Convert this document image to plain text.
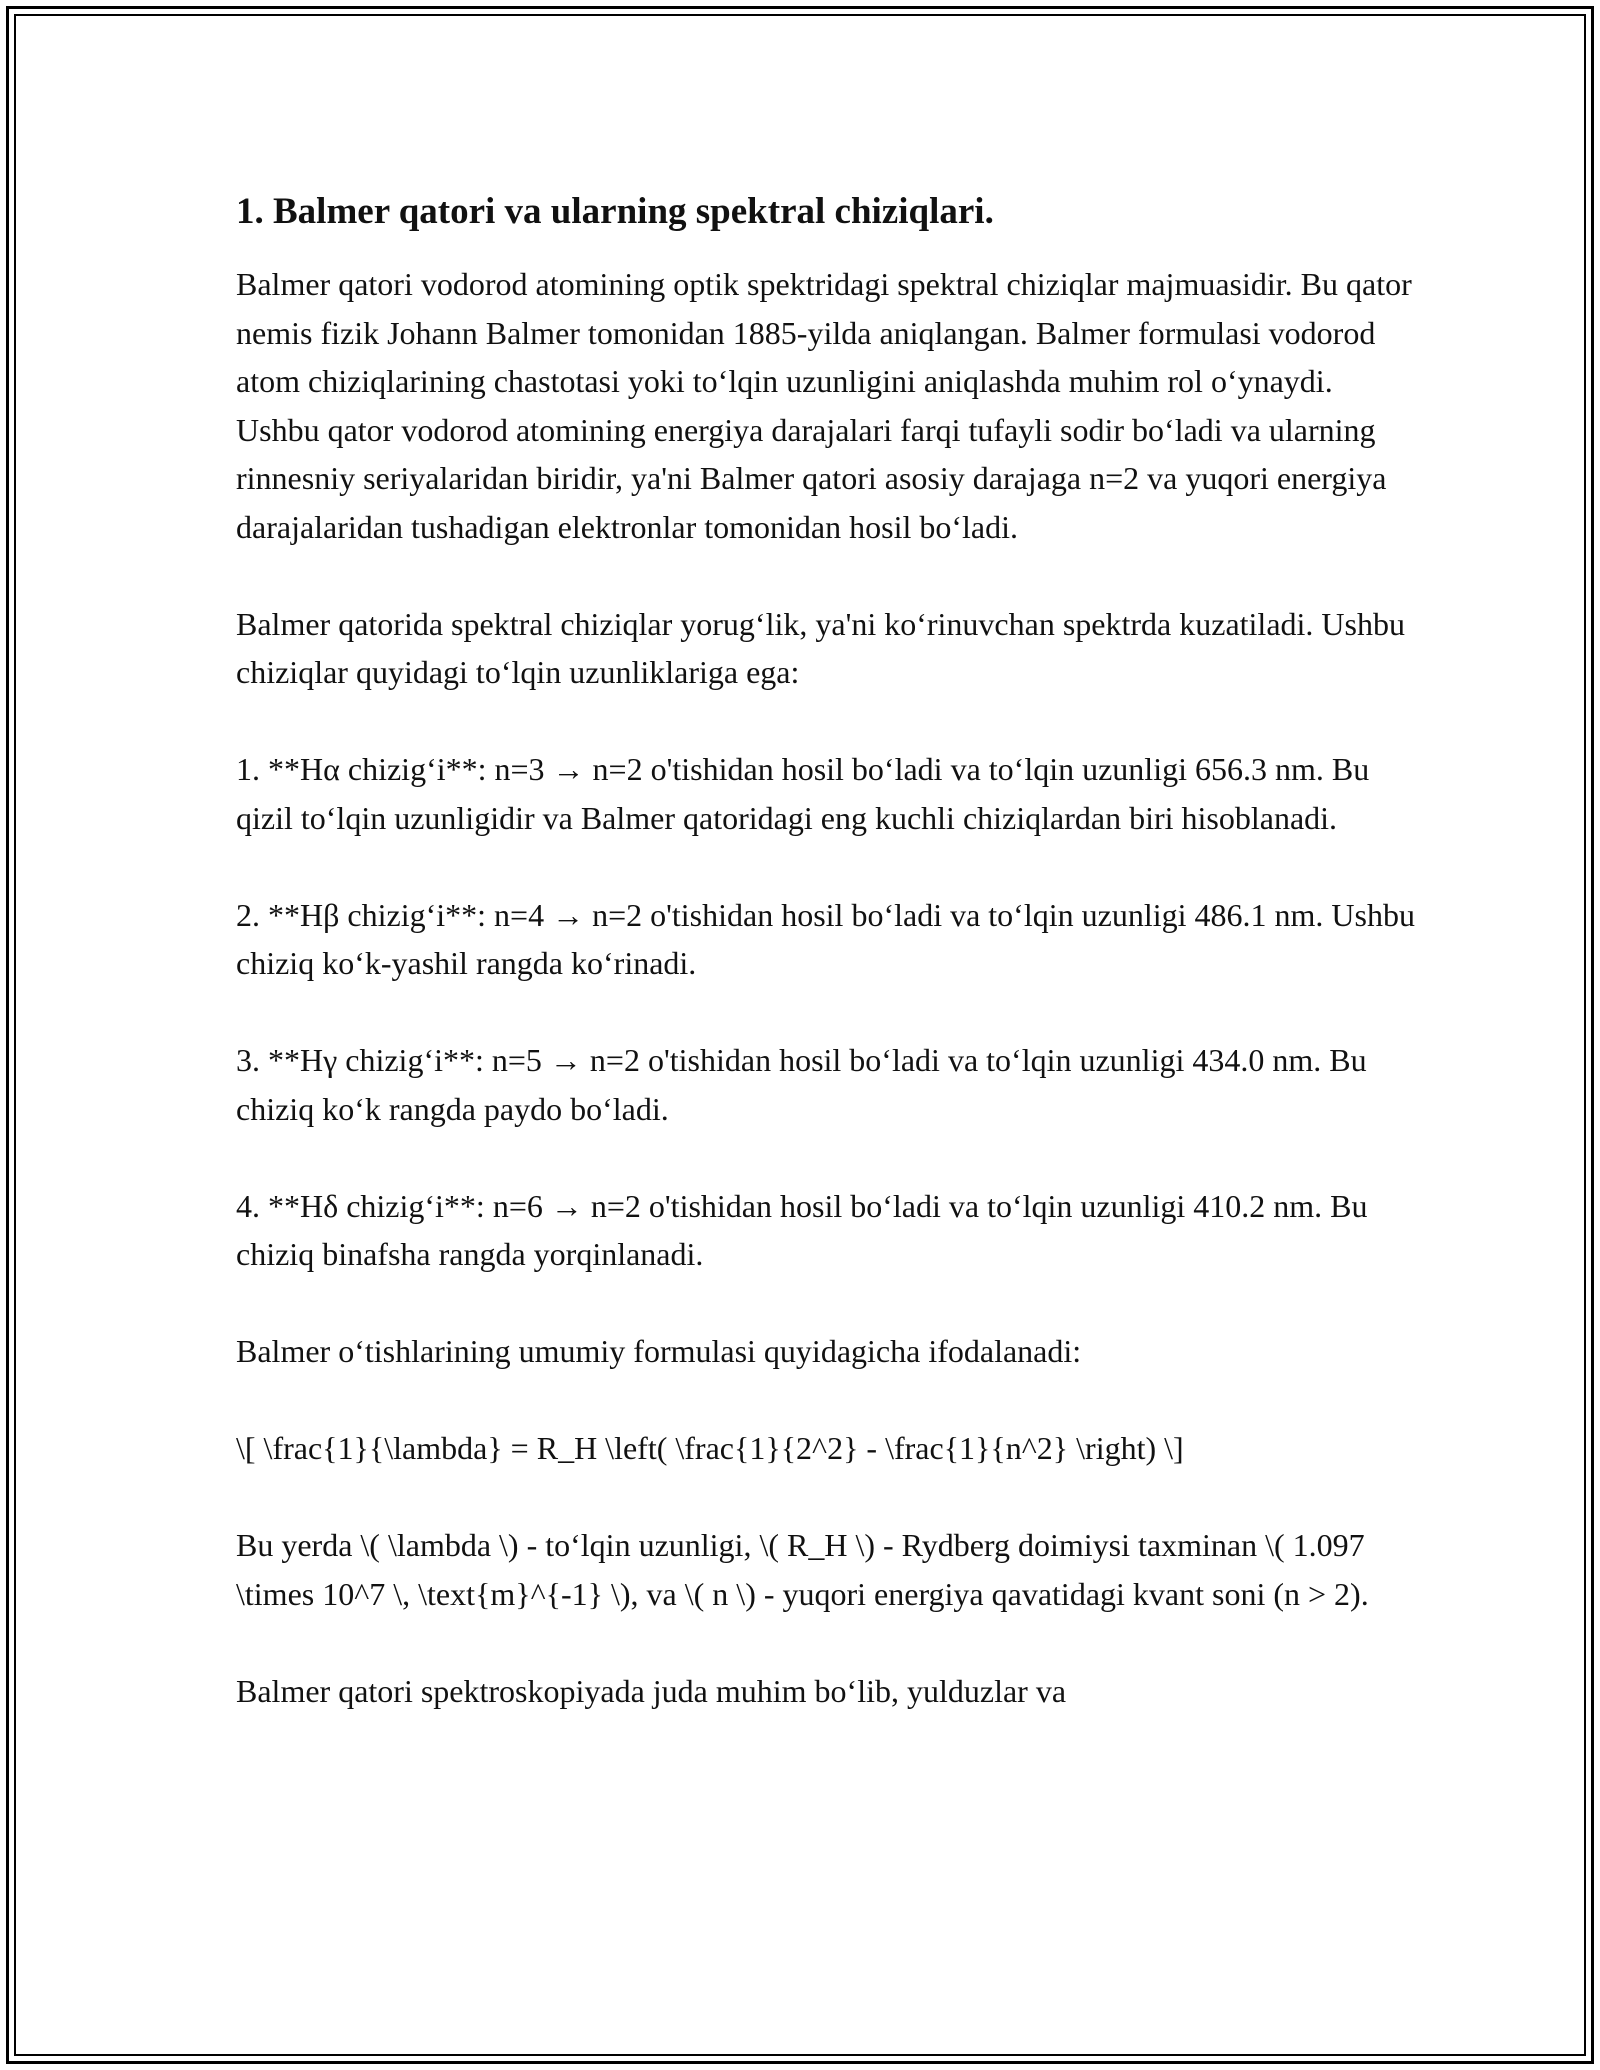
1. Balmer qatori va ularning spektral chiziqlari.

Balmer qatori vodorod atomining optik spektridagi spektral chiziqlar majmuasidir. Bu qator nemis fizik Johann Balmer tomonidan 1885-yilda aniqlangan. Balmer formulasi vodorod atom chiziqlarining chastotasi yoki to‘lqin uzunligini aniqlashda muhim rol o‘ynaydi. Ushbu qator vodorod atomining energiya darajalari farqi tufayli sodir bo‘ladi va ularning rinnesniy seriyalaridan biridir, ya'ni Balmer qatori asosiy darajaga n=2 va yuqori energiya darajalaridan tushadigan elektronlar tomonidan hosil bo‘ladi.

Balmer qatorida spektral chiziqlar yorug‘lik, ya'ni ko‘rinuvchan spektrda kuzatiladi. Ushbu chiziqlar quyidagi to‘lqin uzunliklariga ega:

1. **Hα chizig‘i**: n=3 → n=2 o'tishidan hosil bo‘ladi va to‘lqin uzunligi 656.3 nm. Bu qizil to‘lqin uzunligidir va Balmer qatoridagi eng kuchli chiziqlardan biri hisoblanadi.

2. **Hβ chizig‘i**: n=4 → n=2 o'tishidan hosil bo‘ladi va to‘lqin uzunligi 486.1 nm. Ushbu chiziq ko‘k-yashil rangda ko‘rinadi.

3. **Hγ chizig‘i**: n=5 → n=2 o'tishidan hosil bo‘ladi va to‘lqin uzunligi 434.0 nm. Bu chiziq ko‘k rangda paydo bo‘ladi.

4. **Hδ chizig‘i**: n=6 → n=2 o'tishidan hosil bo‘ladi va to‘lqin uzunligi 410.2 nm. Bu chiziq binafsha rangda yorqinlanadi.

Balmer o‘tishlarining umumiy formulasi quyidagicha ifodalanadi:

\[ \frac{1}{\lambda} = R_H \left( \frac{1}{2^2} - \frac{1}{n^2} \right) \]

Bu yerda \( \lambda \) - to‘lqin uzunligi, \( R_H \) - Rydberg doimiysi taxminan \( 1.097 \times 10^7 \, \text{m}^{-1} \), va \( n \) - yuqori energiya qavatidagi kvant soni (n > 2).

Balmer qatori spektroskopiyada juda muhim bo‘lib, yulduzlar va
